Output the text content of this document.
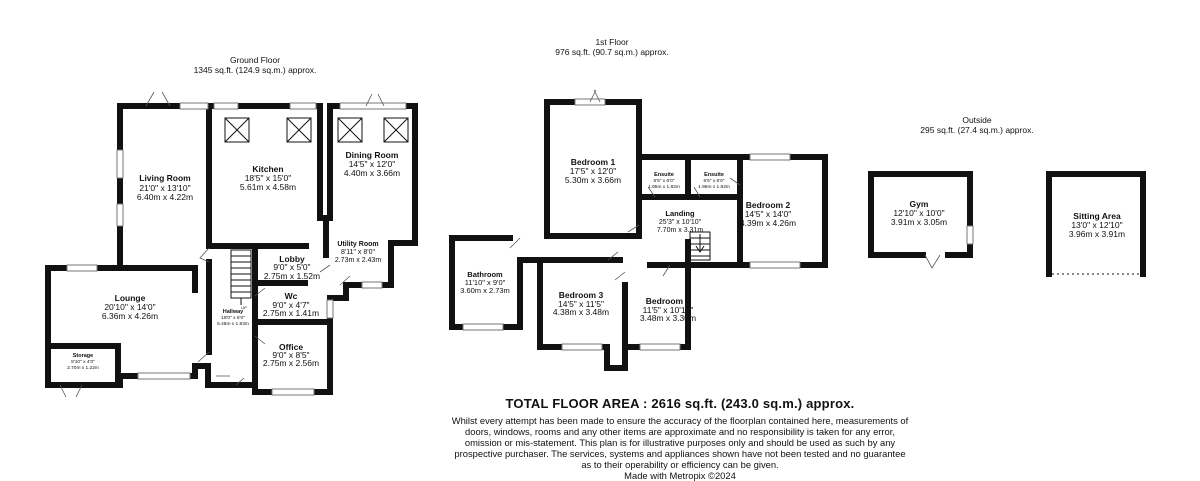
Ground Floor
1345 sq.ft. (124.9 sq.m.) approx.
1st Floor
976 sq.ft. (90.7 sq.m.) approx.
Outside
295 sq.ft. (27.4 sq.m.) approx.
UP
Living Room
21'0" x 13'10"
6.40m x 4.22m
Kitchen
18'5" x 15'0"
5.61m x 4.58m
Dining Room
14'5" x 12'0"
4.40m x 3.66m
Lounge
20'10" x 14'0"
6.36m x 4.26m
Lobby
9'0" x 5'0"
2.75m x 1.52m
Utility Room
8'11" x 8'0"
2.73m x 2.43m
Wc
9'0" x 4'7"
2.75m x 1.41m
Hallway
18'0" x 6'0"
5.48m x 1.83m
Storage
8'10" x 4'0"
2.70m x 1.22m
Office
9'0" x 8'5"
2.75m x 2.56m
Bedroom 1
17'5" x 12'0"
5.30m x 3.66m	Ensuite
6'5" x 6'0"
1.95m x 1.82m
Ensuite
6'5" x 6'0"
1.96m x 1.82m
Bedroom 2
14'5" x 14'0"
4.39m x 4.26m
Landing
25'3" x 10'10"
7.70m x 3.31m
Bathroom
11'10" x 9'0"
3.60m x 2.73m	Bedroom 3
14'5" x 11'5"
4.38m x 3.48m
Bedroom 4
11'5" x 10'10"
3.48m x 3.30m
Gym
12'10" x 10'0"
3.91m x 3.05m
Sitting Area
13'0" x 12'10"
3.96m x 3.91m
TOTAL FLOOR AREA : 2616 sq.ft. (243.0 sq.m.) approx.
Whilst every attempt has been made to ensure the accuracy of the floorplan contained here, measurements of doors, windows, rooms and any other items are approximate and no responsibility is taken for any error, omission or mis-statement. This plan is for illustrative purposes only and should be used as such by any prospective purchaser. The services, systems and appliances shown have not been tested and no guarantee as to their operability or efficiency can be given.
Made with Metropix ©2024
